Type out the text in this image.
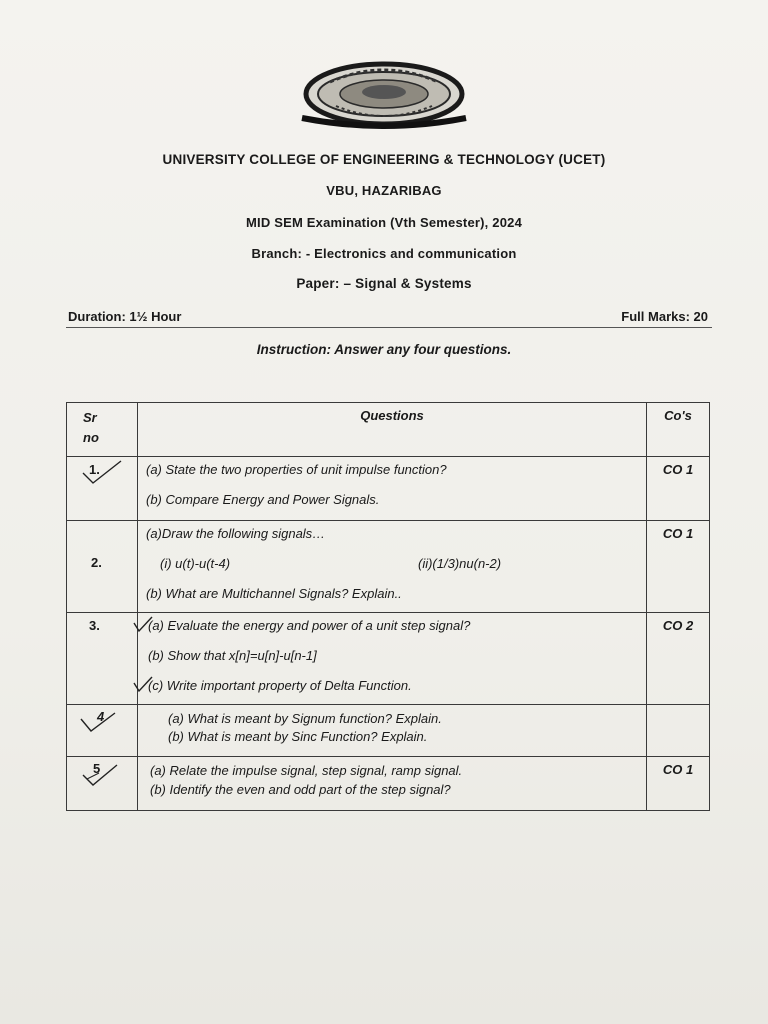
UNIVERSITY COLLEGE OF ENGINEERING & TECHNOLOGY (UCET)
VBU, HAZARIBAG
MID SEM Examination (Vth Semester), 2024
Branch: - Electronics and communication
Paper: – Signal & Systems
Duration: 1½ Hour	Full Marks: 20
Instruction: Answer any four questions.
Sr no	Questions	Co's

1.	(a) State the two properties of unit impulse function?
(b) Compare Energy and Power Signals.	CO 1

2.	(a)Draw the following signals…
(i) u(t)-u(t-4) (ii)(1/3)nu(n-2)
(b) What are Multichannel Signals? Explain..	CO 1

3.	(a) Evaluate the energy and power of a unit step signal?
(b) Show that x[n]=u[n]-u[n-1]
(c) Write important property of Delta Function.	CO 2

4	(a) What is meant by Signum function? Explain.
(b) What is meant by Sinc Function? Explain.	

5	(a) Relate the impulse signal, step signal, ramp signal.
(b) Identify the even and odd part of the step signal?	CO 1
